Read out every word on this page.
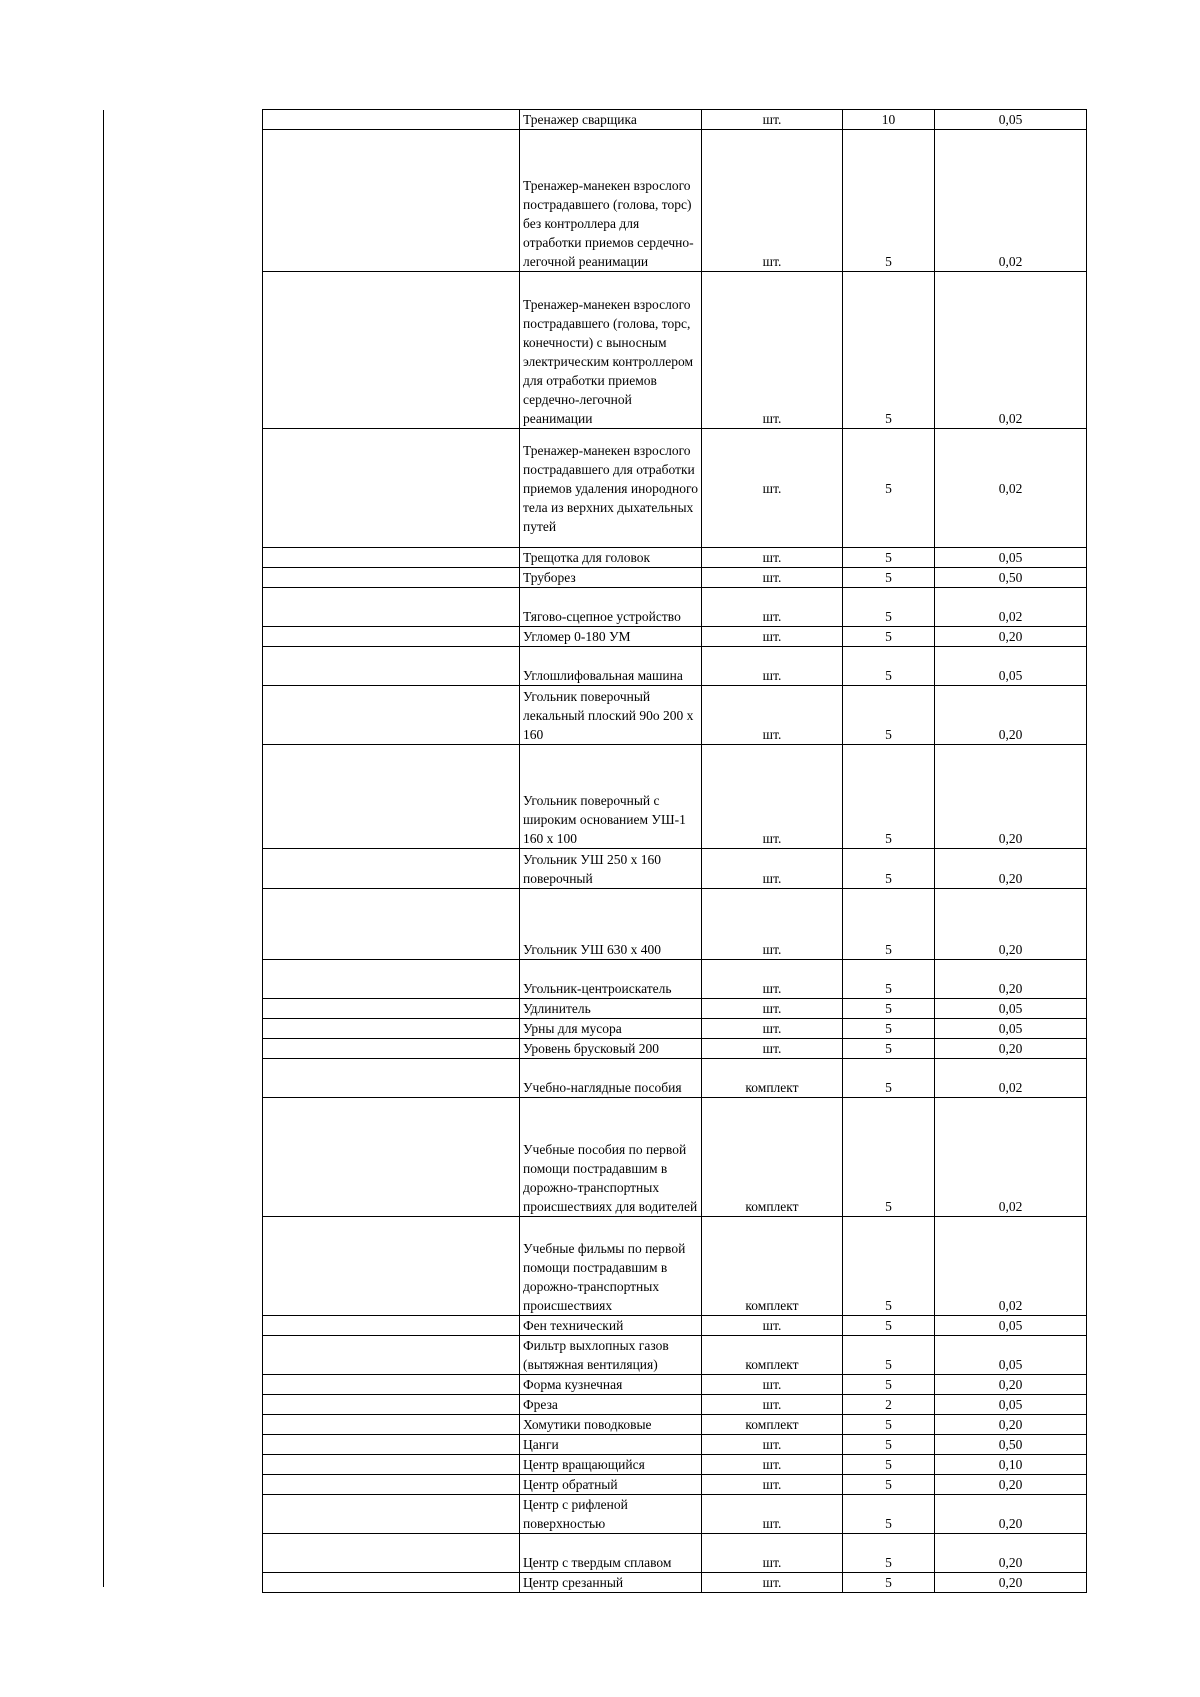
	Тренажер сварщика	шт.	10	0,05
	Тренажер-манекен взрослого пострадавшего (голова, торс) без контроллера для отработки приемов сердечно-легочной реанимации	шт.	5	0,02
	Тренажер-манекен взрослого пострадавшего (голова, торс, конечности) с выносным электрическим контроллером для отработки приемов сердечно-легочной реанимации	шт.	5	0,02
	Тренажер-манекен взрослого пострадавшего для отработки приемов удаления инородного тела из верхних дыхательных путей	шт.	5	0,02
	Трещотка для головок	шт.	5	0,05
	Труборез	шт.	5	0,50
	Тягово-сцепное устройство	шт.	5	0,02
	Угломер 0-180 УМ	шт.	5	0,20
	Углошлифовальная машина	шт.	5	0,05
	Угольник поверочный лекальный плоский 90о 200 х 160	шт.	5	0,20
	Угольник поверочный с широким основанием УШ-1 160 х 100	шт.	5	0,20
	Угольник УШ 250 х 160 поверочный	шт.	5	0,20
	Угольник УШ 630 х 400	шт.	5	0,20
	Угольник-центроискатель	шт.	5	0,20
	Удлинитель	шт.	5	0,05
	Урны для мусора	шт.	5	0,05
	Уровень брусковый 200	шт.	5	0,20
	Учебно-наглядные пособия	комплект	5	0,02
	Учебные пособия по первой помощи пострадавшим в дорожно-транспортных происшествиях для водителей	комплект	5	0,02
	Учебные фильмы по первой помощи пострадавшим в дорожно-транспортных происшествиях	комплект	5	0,02
	Фен технический	шт.	5	0,05
	Фильтр выхлопных газов (вытяжная вентиляция)	комплект	5	0,05
	Форма кузнечная	шт.	5	0,20
	Фреза	шт.	2	0,05
	Хомутики поводковые	комплект	5	0,20
	Цанги	шт.	5	0,50
	Центр вращающийся	шт.	5	0,10
	Центр обратный	шт.	5	0,20
	Центр с рифленой поверхностью	шт.	5	0,20
	Центр с твердым сплавом	шт.	5	0,20
	Центр срезанный	шт.	5	0,20
